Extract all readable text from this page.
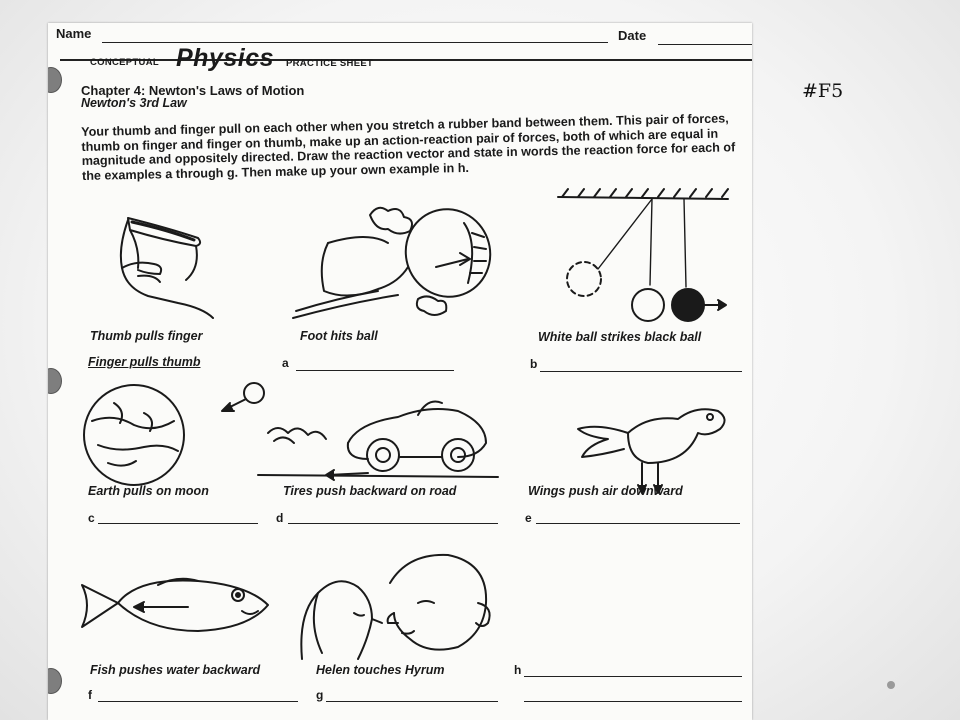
Name	Date
CONCEPTUAL Physics PRACTICE SHEET
Chapter 4: Newton's Laws of Motion
Newton's 3rd Law
Your thumb and finger pull on each other when you stretch a rubber band between them. This pair of forces, thumb on finger and finger on thumb, make up an action-reaction pair of forces, both of which are equal in magnitude and oppositely directed. Draw the reaction vector and state in words the reaction force for each of the examples a through g. Then make up your own example in h.
Thumb pulls finger	Foot hits ball	White ball strikes black ball
Finger pulls thumb	a	b
Earth pulls on moon	Tires push backward on road	Wings push air downward
c	d	e
Fish pushes water backward	Helen touches Hyrum	h
f	g
#F5
